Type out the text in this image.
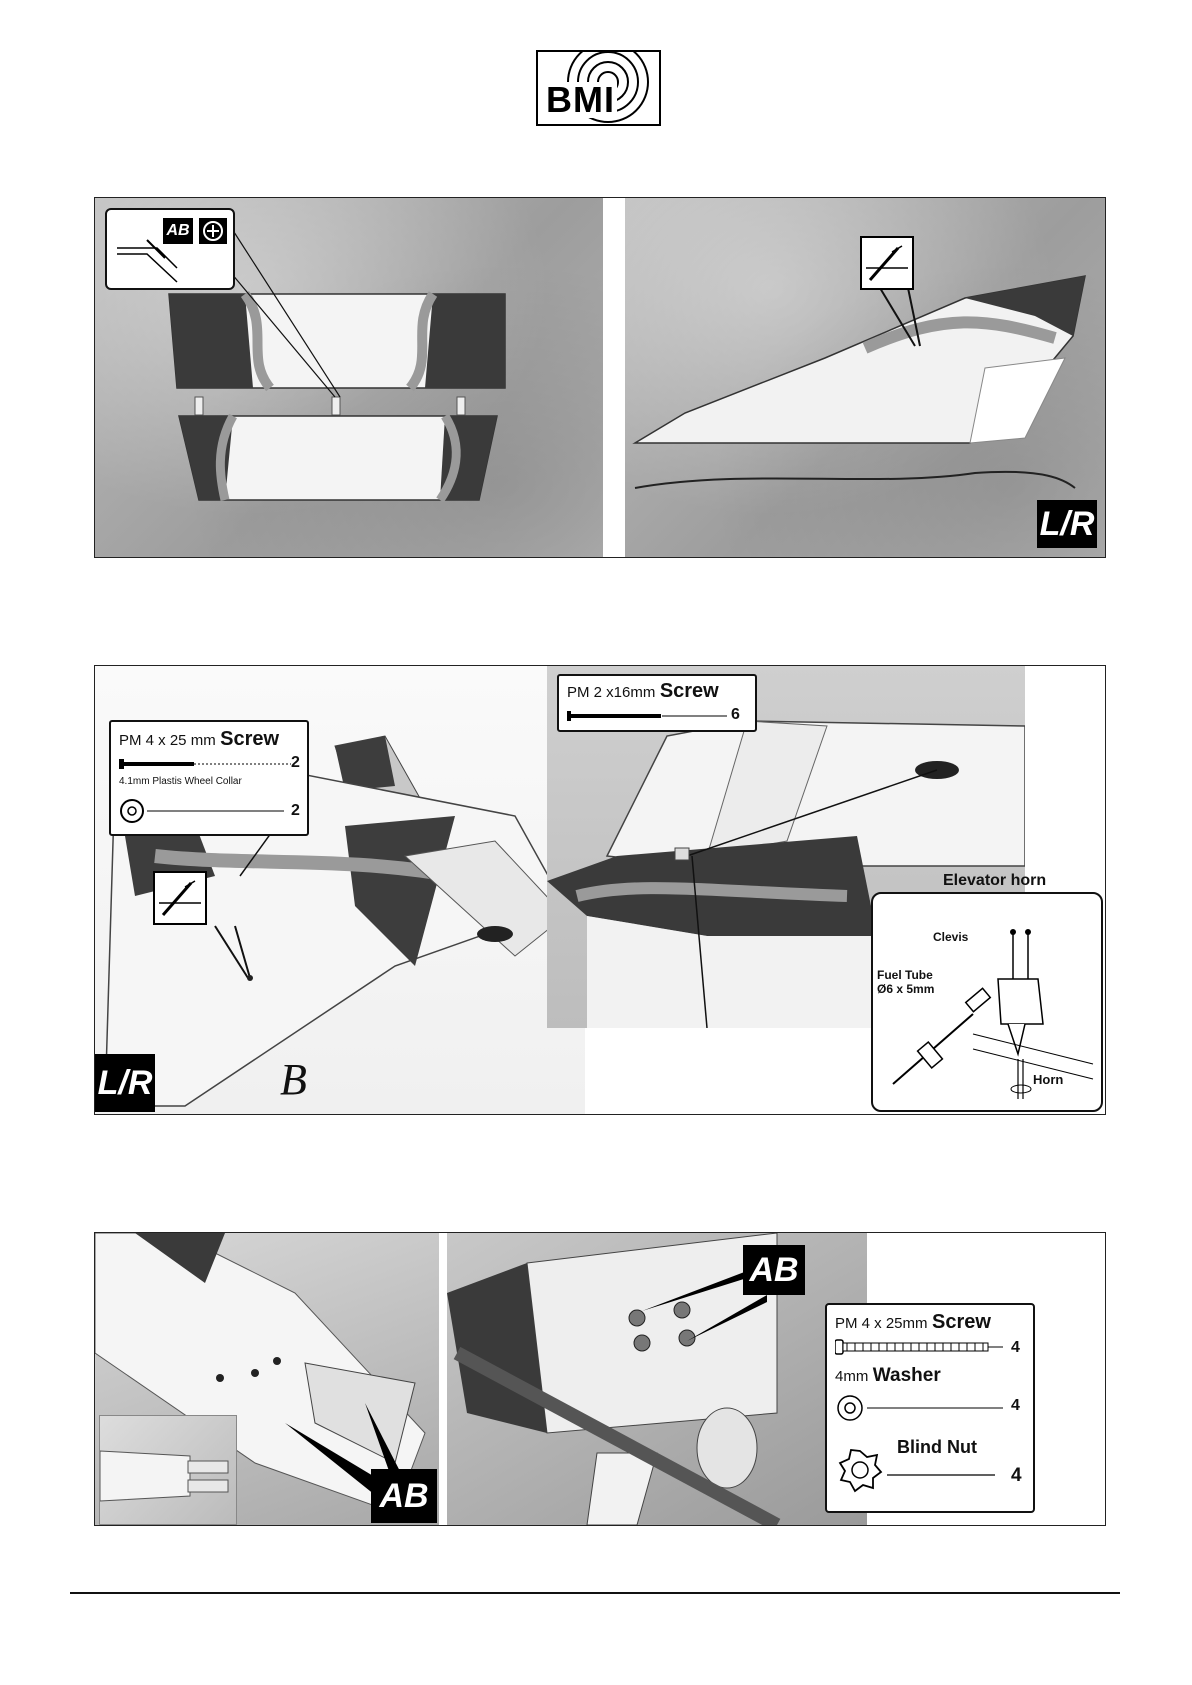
BMI
AB
L/R
B
PM 4 x 25 mm Screw
2
4.1mm Plastis Wheel Collar
2
L/R
PM 2 x16mm Screw
6
Elevator horn
Clevis
Fuel Tube
Ø6 x 5mm
Horn
AB
AB
PM 4 x 25mm Screw
4
4mm Washer
4
Blind Nut
4
